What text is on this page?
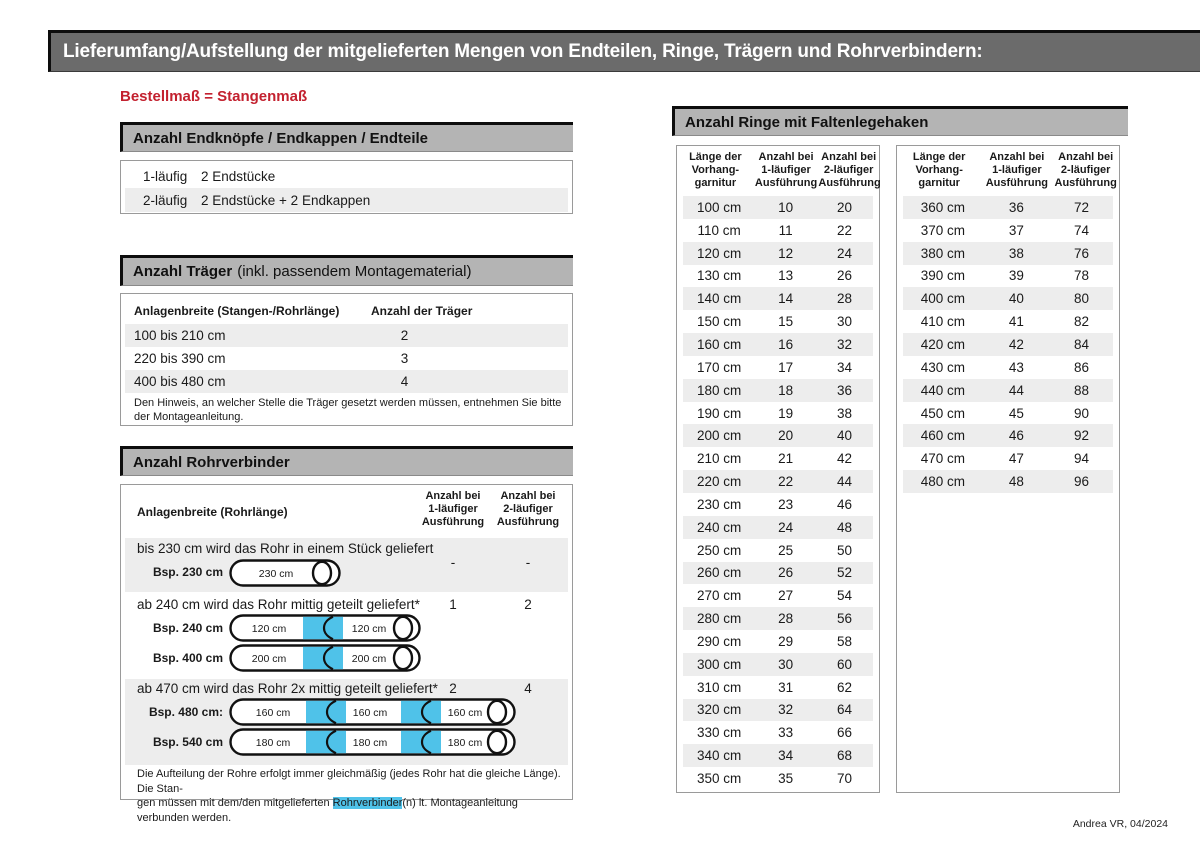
Lieferumfang/Aufstellung der mitgelieferten Mengen von Endteilen, Ringe, Trägern und Rohrverbindern:
Bestellmaß = Stangenmaß
Anzahl Endknöpfe / Endkappen / Endteile
1-läufig	2 Endstücke
2-läufig	2 Endstücke + 2 Endkappen
Anzahl Träger (inkl. passendem Montagematerial)
Anlagenbreite (Stangen-/Rohrlänge)	Anzahl der Träger
100 bis 210 cm	2
220 bis 390 cm	3
400 bis 480 cm	4
Den Hinweis, an welcher Stelle die Träger gesetzt werden müssen, entnehmen Sie bitte der Montageanleitung.
Anzahl Rohrverbinder
Anlagenbreite (Rohrlänge)
Anzahl bei
1-läufiger
Ausführung
Anzahl bei
2-läufiger
Ausführung
bis 230 cm wird das Rohr in einem Stück geliefert
-	-
Bsp. 230 cm	230 cm
ab 240 cm wird das Rohr mittig geteilt geliefert*	1	2
Bsp. 240 cm	120 cm	120 cm
Bsp. 400 cm	200 cm	200 cm
ab 470 cm wird das Rohr 2x mittig geteilt geliefert* 2	4
Bsp. 480 cm:	160 cm	160 cm	160 cm
Bsp. 540 cm	180 cm	180 cm	180 cm
Die Aufteilung der Rohre erfolgt immer gleichmäßig (jedes Rohr hat die gleiche Länge). Die Stan-
gen müssen mit dem/den mitgelieferten Rohrverbinder(n) lt. Montageanleitung verbunden werden.
Anzahl Ringe mit Faltenlegehaken
Länge der
Vorhang-
garnitur
Anzahl bei
1-läufiger
Ausführung
Anzahl bei
2-läufiger
Ausführung
100 cm	10	20
110 cm	11	22
120 cm	12	24
130 cm	13	26
140 cm	14	28
150 cm	15	30
160 cm	16	32
170 cm	17	34
180 cm	18	36
190 cm	19	38
200 cm	20	40
210 cm	21	42
220 cm	22	44
230 cm	23	46
240 cm	24	48
250 cm	25	50
260 cm	26	52
270 cm	27	54
280 cm	28	56
290 cm	29	58
300 cm	30	60
310 cm	31	62
320 cm	32	64
330 cm	33	66
340 cm	34	68
350 cm	35	70
Länge der
Vorhang-
garnitur
Anzahl bei
1-läufiger
Ausführung
Anzahl bei
2-läufiger
Ausführung
360 cm	36	72
370 cm	37	74
380 cm	38	76
390 cm	39	78
400 cm	40	80
410 cm	41	82
420 cm	42	84
430 cm	43	86
440 cm	44	88
450 cm	45	90
460 cm	46	92
470 cm	47	94
480 cm	48	96
Andrea VR, 04/2024
